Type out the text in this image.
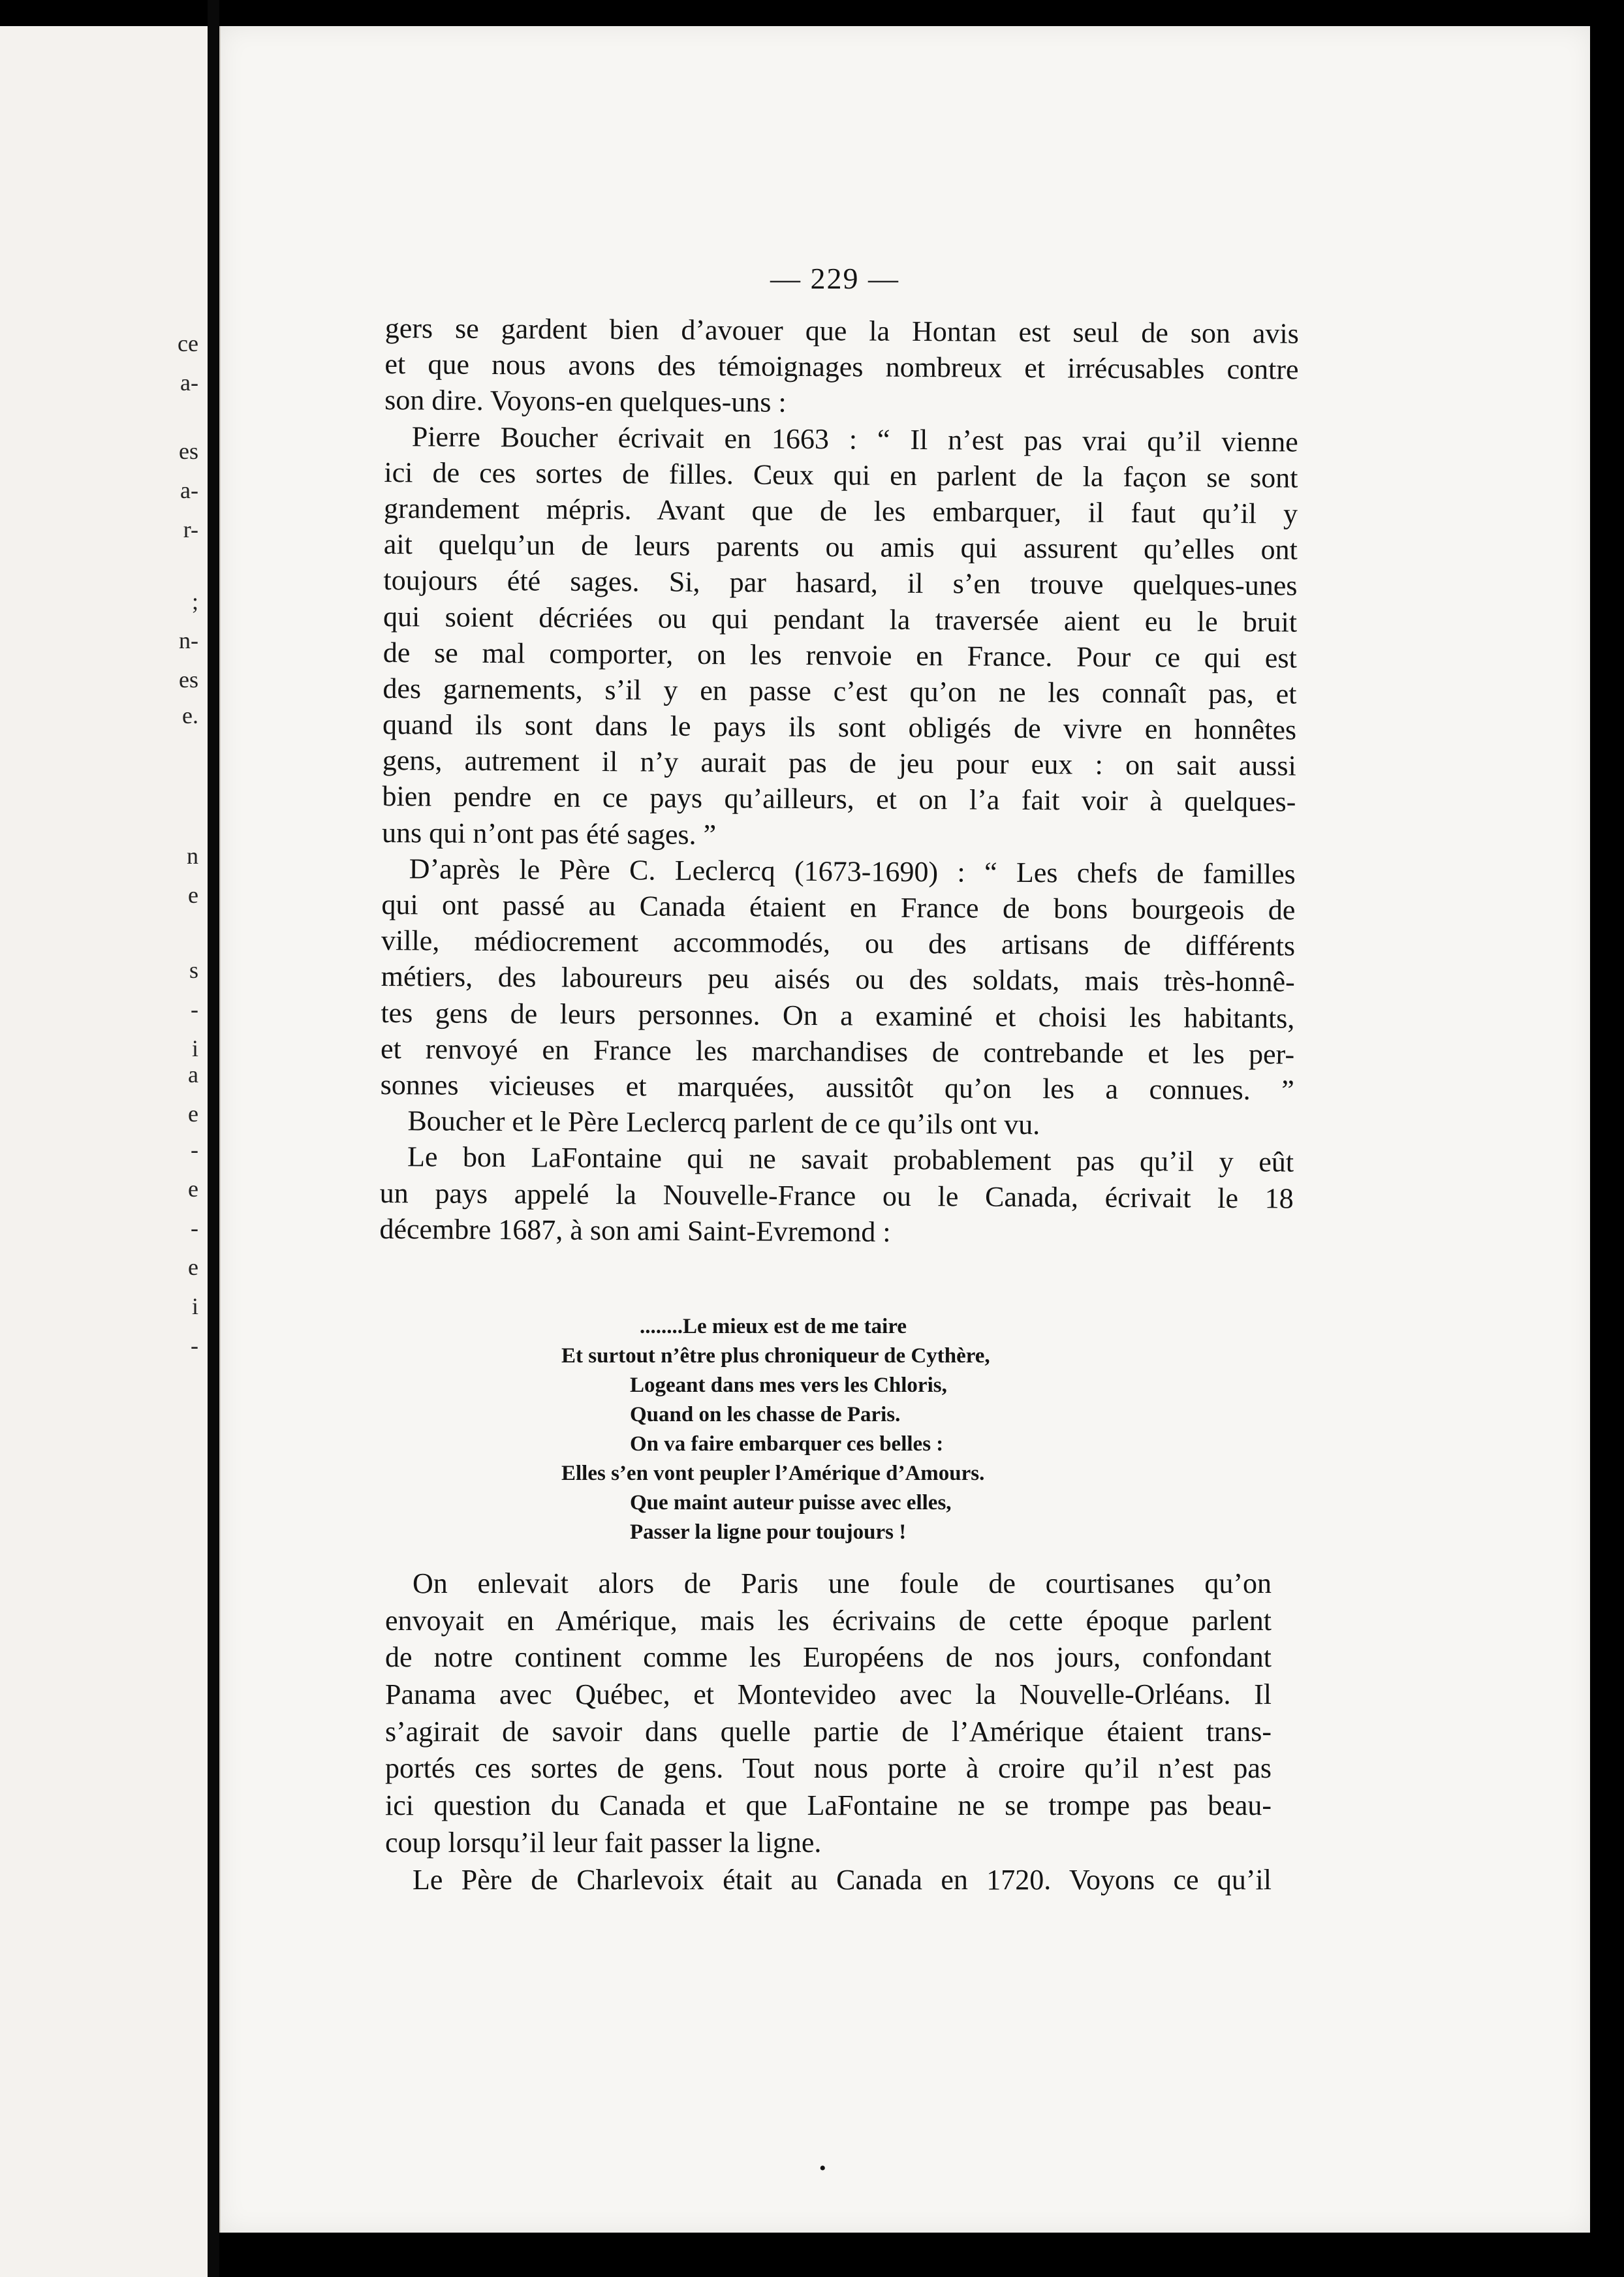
ce
a-
es
a-
r-
;
n-
es
e.
n
e
s
-
i
a
e
-
e
-
e
i
-
— 229 —
gers se gardent bien d’avouer que la Hontan est seul de son avis
et que nous avons des témoignages nombreux et irrécusables contre
son dire. Voyons-en quelques-uns :
Pierre Boucher écrivait en 1663 : “ Il n’est pas vrai qu’il vienne
ici de ces sortes de filles. Ceux qui en parlent de la façon se sont
grandement mépris. Avant que de les embarquer, il faut qu’il y
ait quelqu’un de leurs parents ou amis qui assurent qu’elles ont
toujours été sages. Si, par hasard, il s’en trouve quelques-unes
qui soient décriées ou qui pendant la traversée aient eu le bruit
de se mal comporter, on les renvoie en France. Pour ce qui est
des garnements, s’il y en passe c’est qu’on ne les connaît pas, et
quand ils sont dans le pays ils sont obligés de vivre en honnêtes
gens, autrement il n’y aurait pas de jeu pour eux : on sait aussi
bien pendre en ce pays qu’ailleurs, et on l’a fait voir à quelques-
uns qui n’ont pas été sages. ”
D’après le Père C. Leclercq (1673-1690) : “ Les chefs de familles
qui ont passé au Canada étaient en France de bons bourgeois de
ville, médiocrement accommodés, ou des artisans de différents
métiers, des laboureurs peu aisés ou des soldats, mais très-honnê-
tes gens de leurs personnes. On a examiné et choisi les habitants,
et renvoyé en France les marchandises de contrebande et les per-
sonnes vicieuses et marquées, aussitôt qu’on les a connues. ”
Boucher et le Père Leclercq parlent de ce qu’ils ont vu.
Le bon LaFontaine qui ne savait probablement pas qu’il y eût
un pays appelé la Nouvelle-France ou le Canada, écrivait le 18
décembre 1687, à son ami Saint-Evremond :
........Le mieux est de me taire
Et surtout n’être plus chroniqueur de Cythère,
Logeant dans mes vers les Chloris,
Quand on les chasse de Paris.
On va faire embarquer ces belles :
Elles s’en vont peupler l’Amérique d’Amours.
Que maint auteur puisse avec elles,
Passer la ligne pour toujours !
On enlevait alors de Paris une foule de courtisanes qu’on
envoyait en Amérique, mais les écrivains de cette époque parlent
de notre continent comme les Européens de nos jours, confondant
Panama avec Québec, et Montevideo avec la Nouvelle-Orléans. Il
s’agirait de savoir dans quelle partie de l’Amérique étaient trans-
portés ces sortes de gens. Tout nous porte à croire qu’il n’est pas
ici question du Canada et que LaFontaine ne se trompe pas beau-
coup lorsqu’il leur fait passer la ligne.
Le Père de Charlevoix était au Canada en 1720. Voyons ce qu’il
•
